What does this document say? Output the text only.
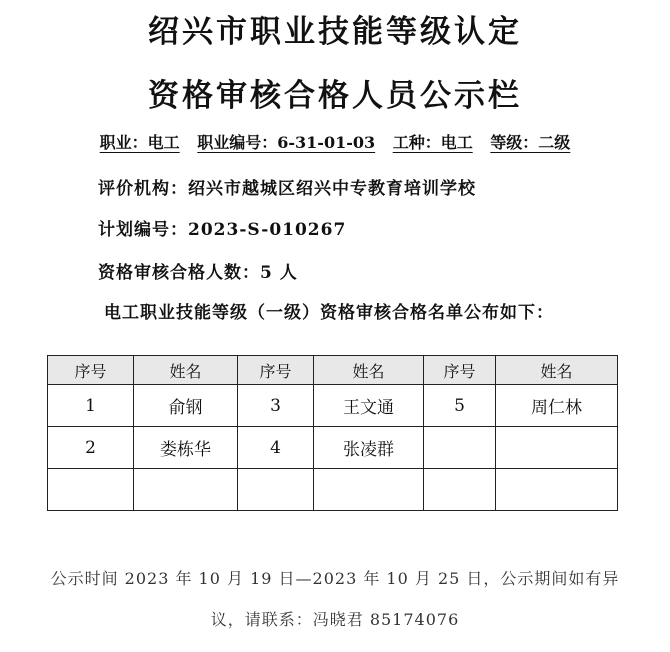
绍兴市职业技能等级认定
资格审核合格人员公示栏
职业：电工 职业编号：6-31-01-03 工种：电工 等级：二级
评价机构：绍兴市越城区绍兴中专教育培训学校
计划编号：2023-S-010267
资格审核合格人数：5 人
电工职业技能等级（一级）资格审核合格名单公布如下：
序号	姓名	序号	姓名	序号	姓名
1	俞钢	3	王文通	5	周仁林
2	娄栋华	4	张凌群		

公示时间 2023 年 10 月 19 日—2023 年 10 月 25 日，公示期间如有异
议，请联系：冯晓君 85174076
